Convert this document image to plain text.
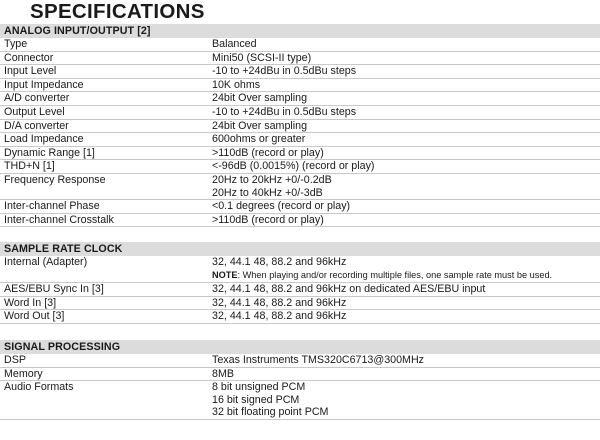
SPECIFICATIONS
ANALOG INPUT/OUTPUT [2]
Type	Balanced
Connector	Mini50 (SCSI-II type)
Input Level	-10 to +24dBu in 0.5dBu steps
Input Impedance	10K ohms
A/D converter	24bit Over sampling
Output Level	-10 to +24dBu in 0.5dBu steps
D/A converter	24bit Over sampling
Load Impedance	600ohms or greater
Dynamic Range [1]	>110dB (record or play)
THD+N [1]	<-96dB (0.0015%) (record or play)
Frequency Response	20Hz to 20kHz +0/-0.2dB
20Hz to 40kHz +0/-3dB
Inter-channel Phase	<0.1 degrees (record or play)
Inter-channel Crosstalk	>110dB (record or play)
SAMPLE RATE CLOCK
Internal (Adapter)	32, 44.1 48, 88.2 and 96kHz
NOTE: When playing and/or recording multiple files, one sample rate must be used.
AES/EBU Sync In [3]	32, 44.1 48, 88.2 and 96kHz on dedicated AES/EBU input
Word In [3]	32, 44.1 48, 88.2 and 96kHz
Word Out [3]	32, 44.1 48, 88.2 and 96kHz
SIGNAL PROCESSING
DSP	Texas Instruments TMS320C6713@300MHz
Memory	8MB
Audio Formats	8 bit unsigned PCM
16 bit signed PCM
32 bit floating point PCM
